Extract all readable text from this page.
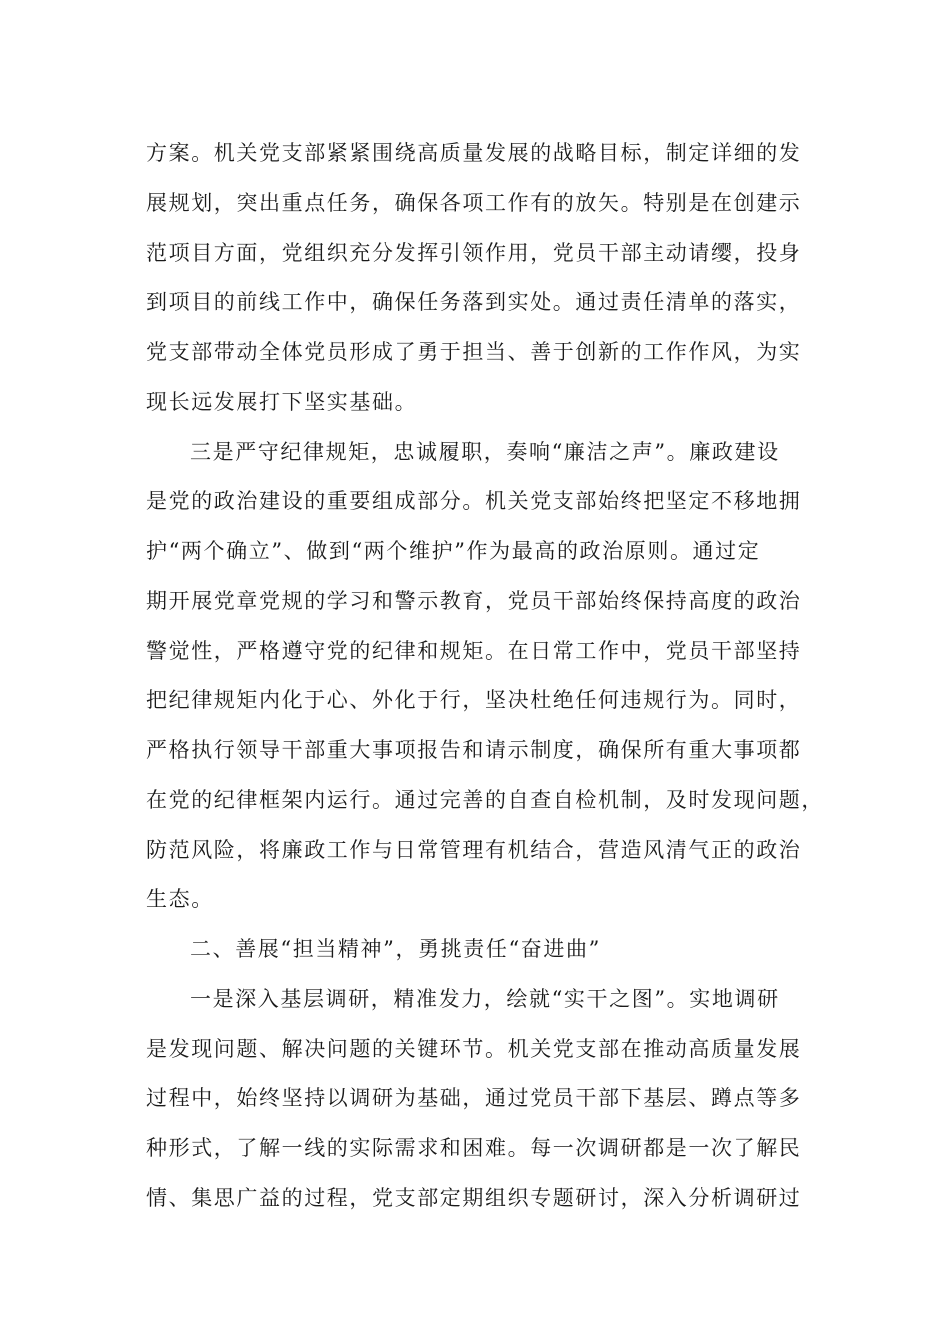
方案。机关党支部紧紧围绕高质量发展的战略目标，制定详细的发
展规划，突出重点任务，确保各项工作有的放矢。特别是在创建示
范项目方面，党组织充分发挥引领作用，党员干部主动请缨，投身
到项目的前线工作中，确保任务落到实处。通过责任清单的落实，
党支部带动全体党员形成了勇于担当、善于创新的工作作风，为实
现长远发展打下坚实基础。
三是严守纪律规矩，忠诚履职，奏响“廉洁之声”。廉政建设
是党的政治建设的重要组成部分。机关党支部始终把坚定不移地拥
护“两个确立”、做到“两个维护”作为最高的政治原则。通过定
期开展党章党规的学习和警示教育，党员干部始终保持高度的政治
警觉性，严格遵守党的纪律和规矩。在日常工作中，党员干部坚持
把纪律规矩内化于心、外化于行，坚决杜绝任何违规行为。同时，
严格执行领导干部重大事项报告和请示制度，确保所有重大事项都
在党的纪律框架内运行。通过完善的自查自检机制，及时发现问题，
防范风险，将廉政工作与日常管理有机结合，营造风清气正的政治
生态。
二、善展“担当精神”，勇挑责任“奋进曲”
一是深入基层调研，精准发力，绘就“实干之图”。实地调研
是发现问题、解决问题的关键环节。机关党支部在推动高质量发展
过程中，始终坚持以调研为基础，通过党员干部下基层、蹲点等多
种形式，了解一线的实际需求和困难。每一次调研都是一次了解民
情、集思广益的过程，党支部定期组织专题研讨，深入分析调研过
